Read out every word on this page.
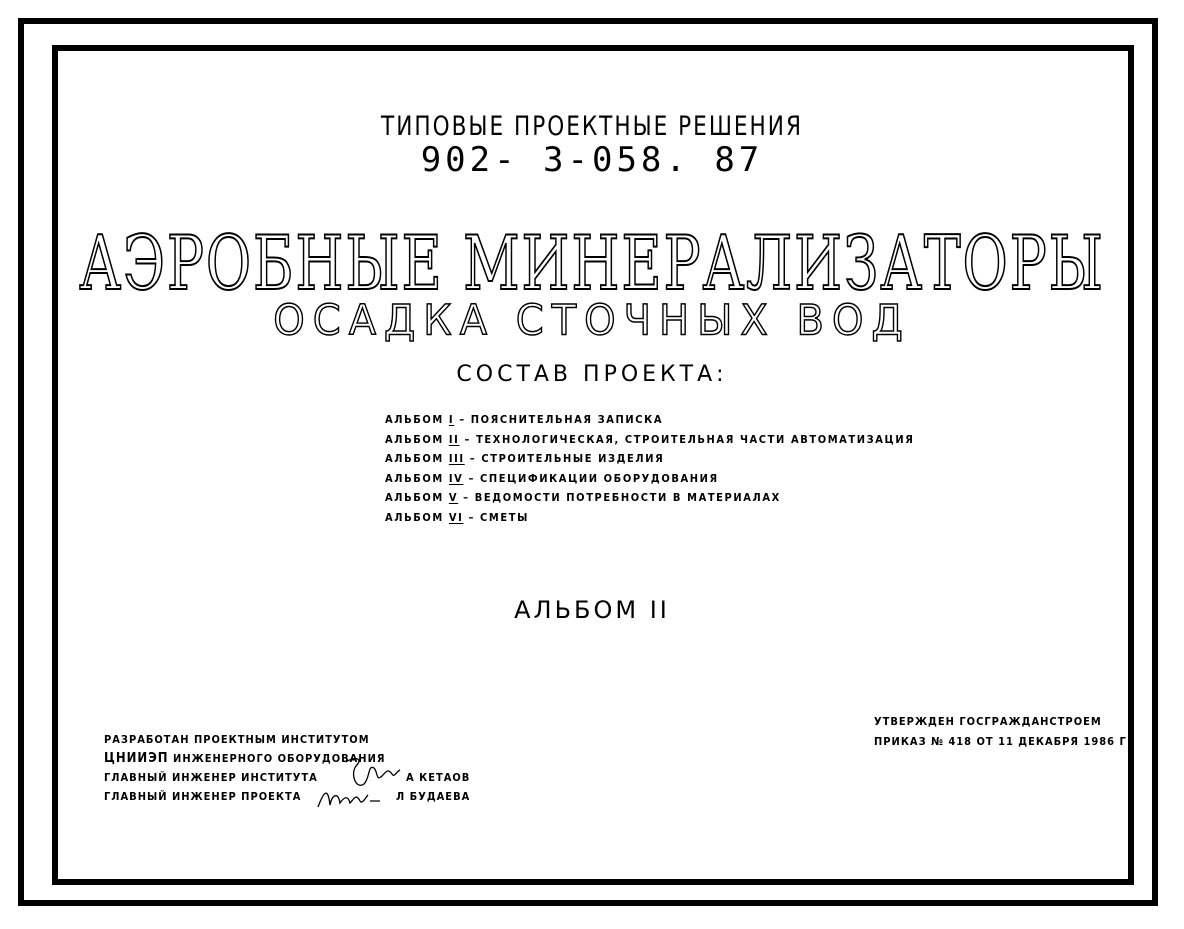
ТИПОВЫЕ ПРОЕКТНЫЕ РЕШЕНИЯ
902- 3-058. 87
АЭРОБНЫЕ МИНЕРАЛИЗАТОРЫ
ОСАДКА СТОЧНЫХ ВОД
СОСТАВ ПРОЕКТА:
АЛЬБОМ I – ПОЯСНИТЕЛЬНАЯ ЗАПИСКА
АЛЬБОМ II – ТЕХНОЛОГИЧЕСКАЯ, СТРОИТЕЛЬНАЯ ЧАСТИ АВТОМАТИЗАЦИЯ
АЛЬБОМ III – СТРОИТЕЛЬНЫЕ ИЗДЕЛИЯ
АЛЬБОМ IV – СПЕЦИФИКАЦИИ ОБОРУДОВАНИЯ
АЛЬБОМ V – ВЕДОМОСТИ ПОТРЕБНОСТИ В МАТЕРИАЛАХ
АЛЬБОМ VI – СМЕТЫ
АЛЬБОМ II
УТВЕРЖДЕН ГОСГРАЖДАНСТРОЕМ
ПРИКАЗ № 418 ОТ 11 ДЕКАБРЯ 1986 Г
РАЗРАБОТАН ПРОЕКТНЫМ ИНСТИТУТОМ
ЦНИИЭП ИНЖЕНЕРНОГО ОБОРУДОВАНИЯ
ГЛАВНЫЙ ИНЖЕНЕР ИНСТИТУТА	А КЕТАОВ
ГЛАВНЫЙ ИНЖЕНЕР ПРОЕКТА	Л БУДАЕВА
